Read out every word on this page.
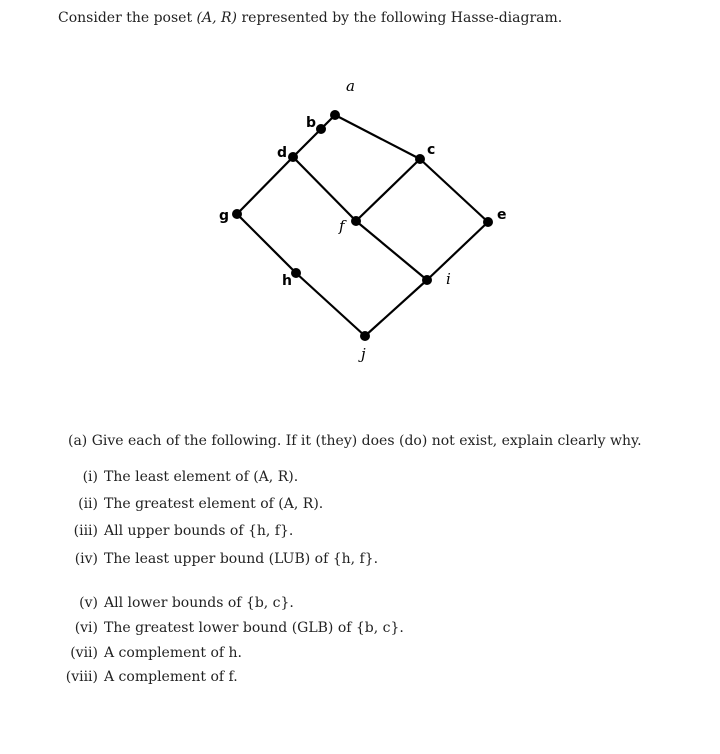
Consider the poset (A, R) represented by the following Hasse-diagram.
a
b
c
d
e
f
g
h	i
j
(a) Give each of the following. If it (they) does (do) not exist, explain clearly why.
(i) The least element of (A, R).
(ii) The greatest element of (A, R).
(iii) All upper bounds of {h, f}.
(iv) The least upper bound (LUB) of {h, f}.
(v) All lower bounds of {b, c}.
(vi) The greatest lower bound (GLB) of {b, c}.
(vii) A complement of h.
(viii) A complement of f.
